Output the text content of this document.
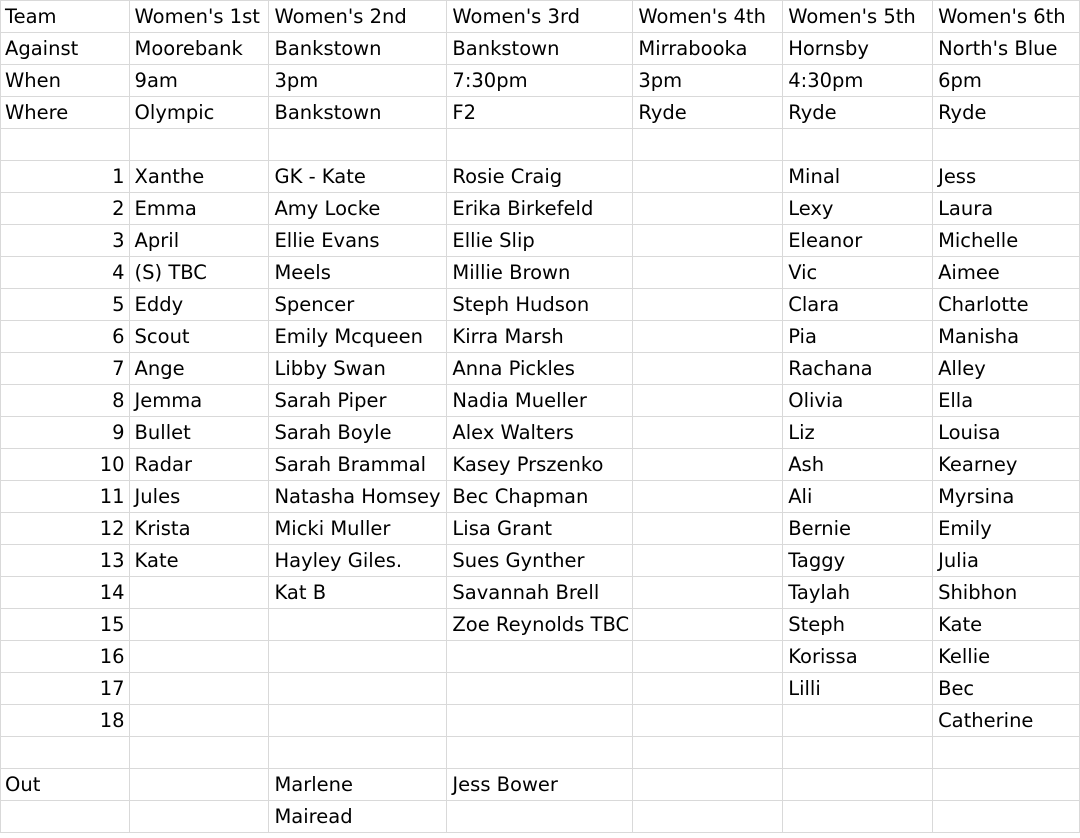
Team	Women's 1st	Women's 2nd	Women's 3rd	Women's 4th	Women's 5th	Women's 6th
Against	Moorebank	Bankstown	Bankstown	Mirrabooka	Hornsby	North's Blue
When	9am	3pm	7:30pm	3pm	4:30pm	6pm
Where	Olympic	Bankstown	F2	Ryde	Ryde	Ryde

1	Xanthe	GK - Kate	Rosie Craig		Minal	Jess
2	Emma	Amy Locke	Erika Birkefeld		Lexy	Laura
3	April	Ellie Evans	Ellie Slip		Eleanor	Michelle
4	(S) TBC	Meels	Millie Brown		Vic	Aimee
5	Eddy	Spencer	Steph Hudson		Clara	Charlotte
6	Scout	Emily Mcqueen	Kirra Marsh		Pia	Manisha
7	Ange	Libby Swan	Anna Pickles		Rachana	Alley
8	Jemma	Sarah Piper	Nadia Mueller		Olivia	Ella
9	Bullet	Sarah Boyle	Alex Walters		Liz	Louisa
10	Radar	Sarah Brammal	Kasey Prszenko		Ash	Kearney
11	Jules	Natasha Homsey	Bec Chapman		Ali	Myrsina
12	Krista	Micki Muller	Lisa Grant		Bernie	Emily
13	Kate	Hayley Giles.	Sues Gynther		Taggy	Julia
14		Kat B	Savannah Brell		Taylah	Shibhon
15			Zoe Reynolds TBC		Steph	Kate
16					Korissa	Kellie
17					Lilli	Bec
18						Catherine

Out		Marlene	Jess Bower			
		Mairead				
